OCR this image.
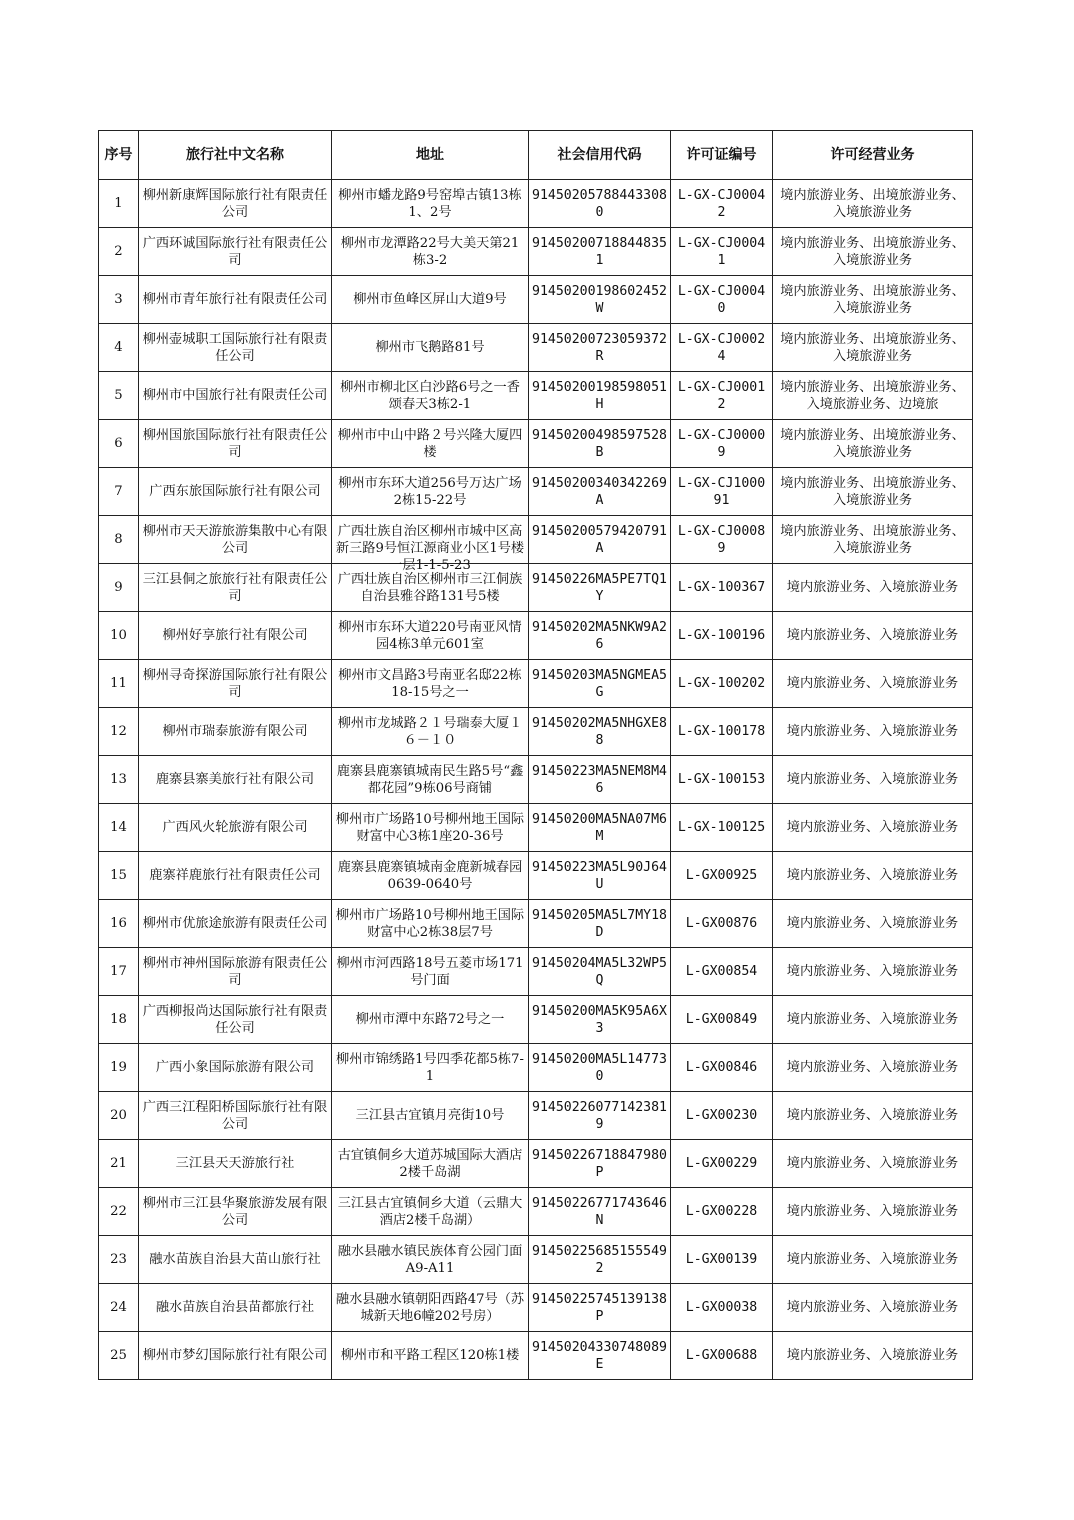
序号	旅行社中文名称	地址	社会信用代码	许可证编号	许可经营业务

1	柳州新康辉国际旅行社有限责任公司	柳州市蟠龙路9号窑埠古镇13栋1、2号	914502057884433080	L-GX-CJ00042	境内旅游业务、出境旅游业务、入境旅游业务

2	广西环诚国际旅行社有限责任公司	柳州市龙潭路22号大美天第21栋3-2	914502007188448351	L-GX-CJ00041	境内旅游业务、出境旅游业务、入境旅游业务

3	柳州市青年旅行社有限责任公司	柳州市鱼峰区屏山大道9号	91450200198602452W	L-GX-CJ00040	境内旅游业务、出境旅游业务、入境旅游业务

4	柳州壶城职工国际旅行社有限责任公司	柳州市飞鹅路81号	91450200723059372R	L-GX-CJ00024	境内旅游业务、出境旅游业务、入境旅游业务

5	柳州市中国旅行社有限责任公司	柳州市柳北区白沙路6号之一香颂春天3栋2-1	91450200198598051H	L-GX-CJ00012	境内旅游业务、出境旅游业务、入境旅游业务、边境旅

6	柳州国旅国际旅行社有限责任公司	柳州市中山中路２号兴隆大厦四楼	91450200498597528B	L-GX-CJ00009	境内旅游业务、出境旅游业务、入境旅游业务

7	广西东旅国际旅行社有限公司	柳州市东环大道256号万达广场2栋15-22号	91450200340342269A	L-GX-CJ100091	境内旅游业务、出境旅游业务、入境旅游业务

8	柳州市天天游旅游集散中心有限公司	广西壮族自治区柳州市城中区高新三路9号恒江源商业小区1号楼一层1-1-5-23	91450200579420791A	L-GX-CJ00089	境内旅游业务、出境旅游业务、入境旅游业务

9	三江县侗之旅旅行社有限责任公司	广西壮族自治区柳州市三江侗族自治县雅谷路131号5楼	91450226MA5PE7TQ1Y	L-GX-100367	境内旅游业务、入境旅游业务

10	柳州好享旅行社有限公司	柳州市东环大道220号南亚风情园4栋3单元601室	91450202MA5NKW9A26	L-GX-100196	境内旅游业务、入境旅游业务

11	柳州寻奇探游国际旅行社有限公司	柳州市文昌路3号南亚名邸22栋18-15号之一	91450203MA5NGMEA5G	L-GX-100202	境内旅游业务、入境旅游业务

12	柳州市瑞泰旅游有限公司	柳州市龙城路２１号瑞泰大厦１６－１０	91450202MA5NHGXE88	L-GX-100178	境内旅游业务、入境旅游业务

13	鹿寨县寨美旅行社有限公司	鹿寨县鹿寨镇城南民生路5号“鑫都花园”9栋06号商铺	91450223MA5NEM8M46	L-GX-100153	境内旅游业务、入境旅游业务

14	广西风火轮旅游有限公司	柳州市广场路10号柳州地王国际财富中心3栋1座20-36号	91450200MA5NA07M6M	L-GX-100125	境内旅游业务、入境旅游业务

15	鹿寨祥鹿旅行社有限责任公司	鹿寨县鹿寨镇城南金鹿新城春园0639-0640号	91450223MA5L90J64U	L-GX00925	境内旅游业务、入境旅游业务

16	柳州市优旅途旅游有限责任公司	柳州市广场路10号柳州地王国际财富中心2栋38层7号	91450205MA5L7MY18D	L-GX00876	境内旅游业务、入境旅游业务

17	柳州市神州国际旅游有限责任公司	柳州市河西路18号五菱市场171号门面	91450204MA5L32WP5Q	L-GX00854	境内旅游业务、入境旅游业务

18	广西柳报尚达国际旅行社有限责任公司	柳州市潭中东路72号之一	91450200MA5K95A6X3	L-GX00849	境内旅游业务、入境旅游业务

19	广西小象国际旅游有限公司	柳州市锦绣路1号四季花都5栋7-1	91450200MA5L147730	L-GX00846	境内旅游业务、入境旅游业务

20	广西三江程阳桥国际旅行社有限公司	三江县古宜镇月亮街10号	914502260771423819	L-GX00230	境内旅游业务、入境旅游业务

21	三江县天天游旅行社	古宜镇侗乡大道苏城国际大酒店2楼千岛湖	91450226718847980P	L-GX00229	境内旅游业务、入境旅游业务

22	柳州市三江县华聚旅游发展有限公司	三江县古宜镇侗乡大道（云鼎大酒店2楼千岛湖）	91450226771743646N	L-GX00228	境内旅游业务、入境旅游业务

23	融水苗族自治县大苗山旅行社	融水县融水镇民族体育公园门面A9-A11	914502256851555492	L-GX00139	境内旅游业务、入境旅游业务

24	融水苗族自治县苗都旅行社	融水县融水镇朝阳西路47号（苏城新天地6幢202号房）	91450225745139138P	L-GX00038	境内旅游业务、入境旅游业务

25	柳州市梦幻国际旅行社有限公司	柳州市和平路工程区120栋1楼	91450204330748089E	L-GX00688	境内旅游业务、入境旅游业务
